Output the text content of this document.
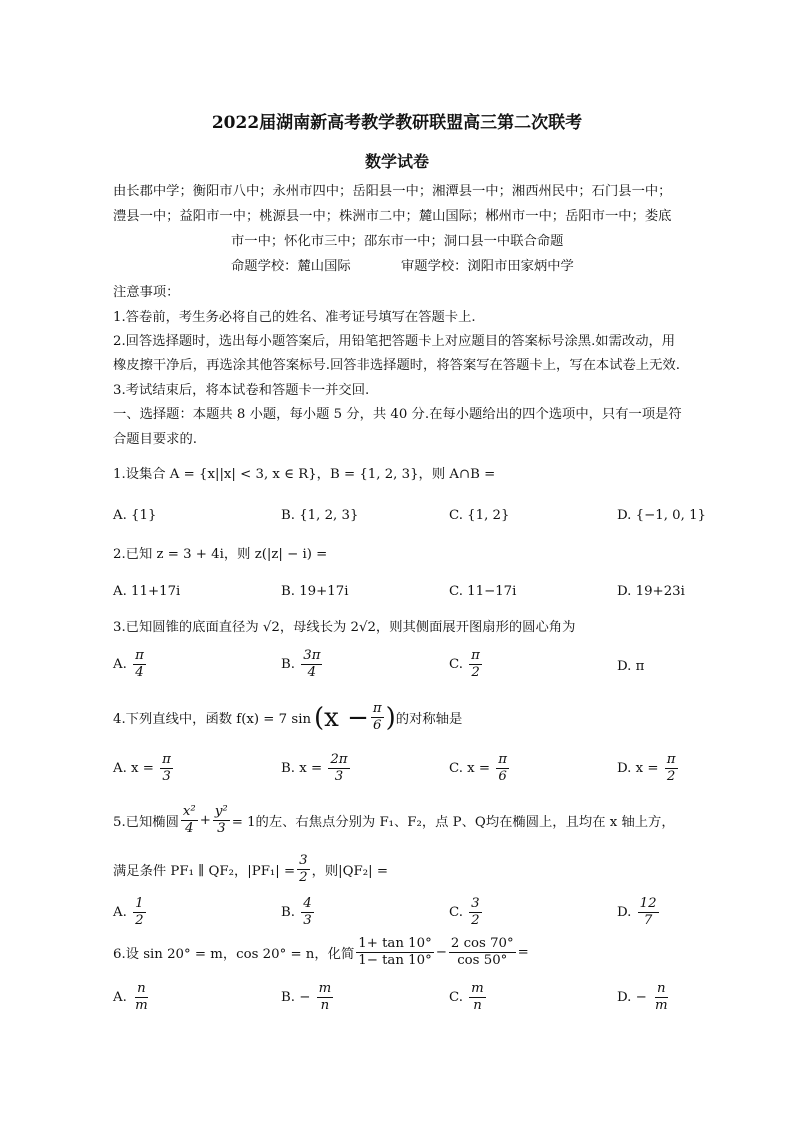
2022届湖南新高考教学教研联盟高三第二次联考
数学试卷
由长郡中学；衡阳市八中；永州市四中；岳阳县一中；湘潭县一中；湘西州民中；石门县一中；
澧县一中；益阳市一中；桃源县一中；株洲市二中；麓山国际；郴州市一中；岳阳市一中；娄底
市一中；怀化市三中；邵东市一中；洞口县一中联合命题
命题学校：麓山国际	审题学校：浏阳市田家炳中学
注意事项：
1.答卷前，考生务必将自己的姓名、准考证号填写在答题卡上.
2.回答选择题时，选出每小题答案后，用铅笔把答题卡上对应题目的答案标号涂黑.如需改动，用
橡皮擦干净后，再选涂其他答案标号.回答非选择题时，将答案写在答题卡上，写在本试卷上无效.
3.考试结束后，将本试卷和答题卡一并交回.
一、选择题：本题共 8 小题，每小题 5 分，共 40 分.在每小题给出的四个选项中，只有一项是符
合题目要求的.
1.设集合 A = {x||x| < 3, x ∈ R}，B = {1, 2, 3}，则 A∩B =
A. {1}	B. {1, 2, 3}	C. {1, 2}	D. {−1, 0, 1}
2.已知 z = 3 + 4i，则 z(|z| − i) =
A. 11+17i	B. 19+17i	C. 11−17i	D. 19+23i
3.已知圆锥的底面直径为 √2，母线长为 2√2，则其侧面展开图扇形的圆心角为
A. $\frac{\pi}{4}$	B. $\frac{3\pi}{4}$	C. $\frac{\pi}{2}$	D. π
4.下列直线中，函数 f(x) = 7 $\sin (x - \frac{\pi}{6}$ ) 的对称轴是
A. $x = \frac{\pi}{3}$	B. $x = \frac{2\pi}{3}$	C. $x = \frac{\pi}{6}$	D. $x = \frac{\pi}{2}$
5.已知椭圆 $\frac{\text{x²}}{4} + \frac{\text{y²}}{3} = 1$的左、右焦点分别为 F₁、F₂，点 P、Q均在椭圆上，且均在 x 轴上方，
满足条件 PF₁ ∥ QF₂，$|PF_1| = \frac{3}{2}$ ，则|QF₂| =
A. $\frac{1}{2}$	B. $\frac{4}{3}$	C. $\frac{3}{2}$	D. $\frac{12}{7}$
6.设 sin 20° = m，cos 20° = n，化简 $\frac{1+ \tan 10^\circ}{1- \tan 10^\circ} - \frac{2 \cos 70^\circ}{\cos 50^\circ}$ =
A. $\frac{n}{m}$	B. − $\frac{m}{n}$	C. $\frac{m}{n}$	D. − $\frac{n}{m}$
